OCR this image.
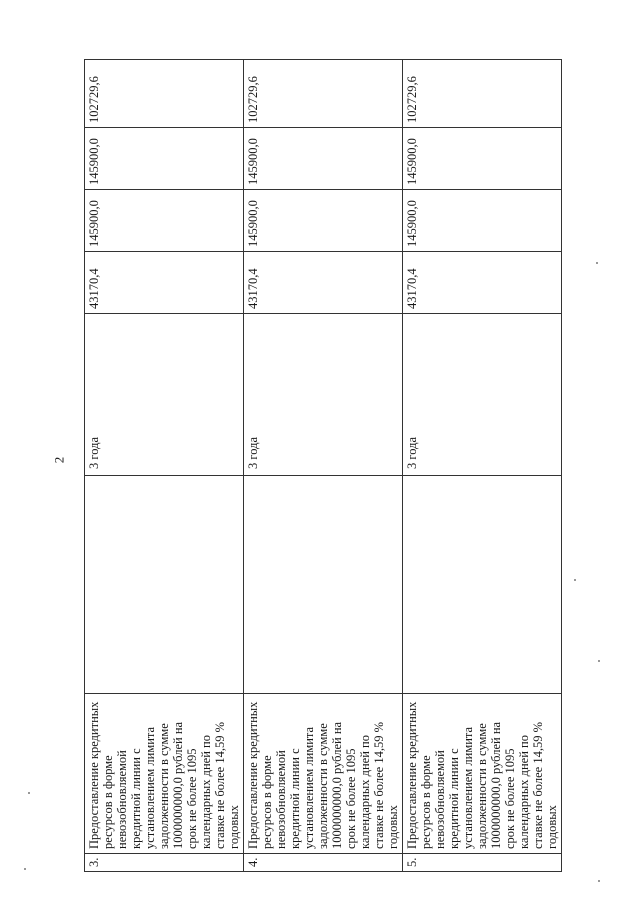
2
3.	Предоставление кредитных ресурсов в форме невозобновляемой кредитной линии с установлением лимита задолженности в сумме 1000000000,0 рублей на срок не более 1095 календарных дней по ставке не более 14,59 % годовых		3 года	43170,4	145900,0	145900,0	102729,6
4.	Предоставление кредитных ресурсов в форме невозобновляемой кредитной линии с установлением лимита задолженности в сумме 1000000000,0 рублей на срок не более 1095 календарных дней по ставке не более 14,59 % годовых		3 года	43170,4	145900,0	145900,0	102729,6
5.	Предоставление кредитных ресурсов в форме невозобновляемой кредитной линии с установлением лимита задолженности в сумме 1000000000,0 рублей на срок не более 1095 календарных дней по ставке не более 14,59 % годовых		3 года	43170,4	145900,0	145900,0	102729,6
